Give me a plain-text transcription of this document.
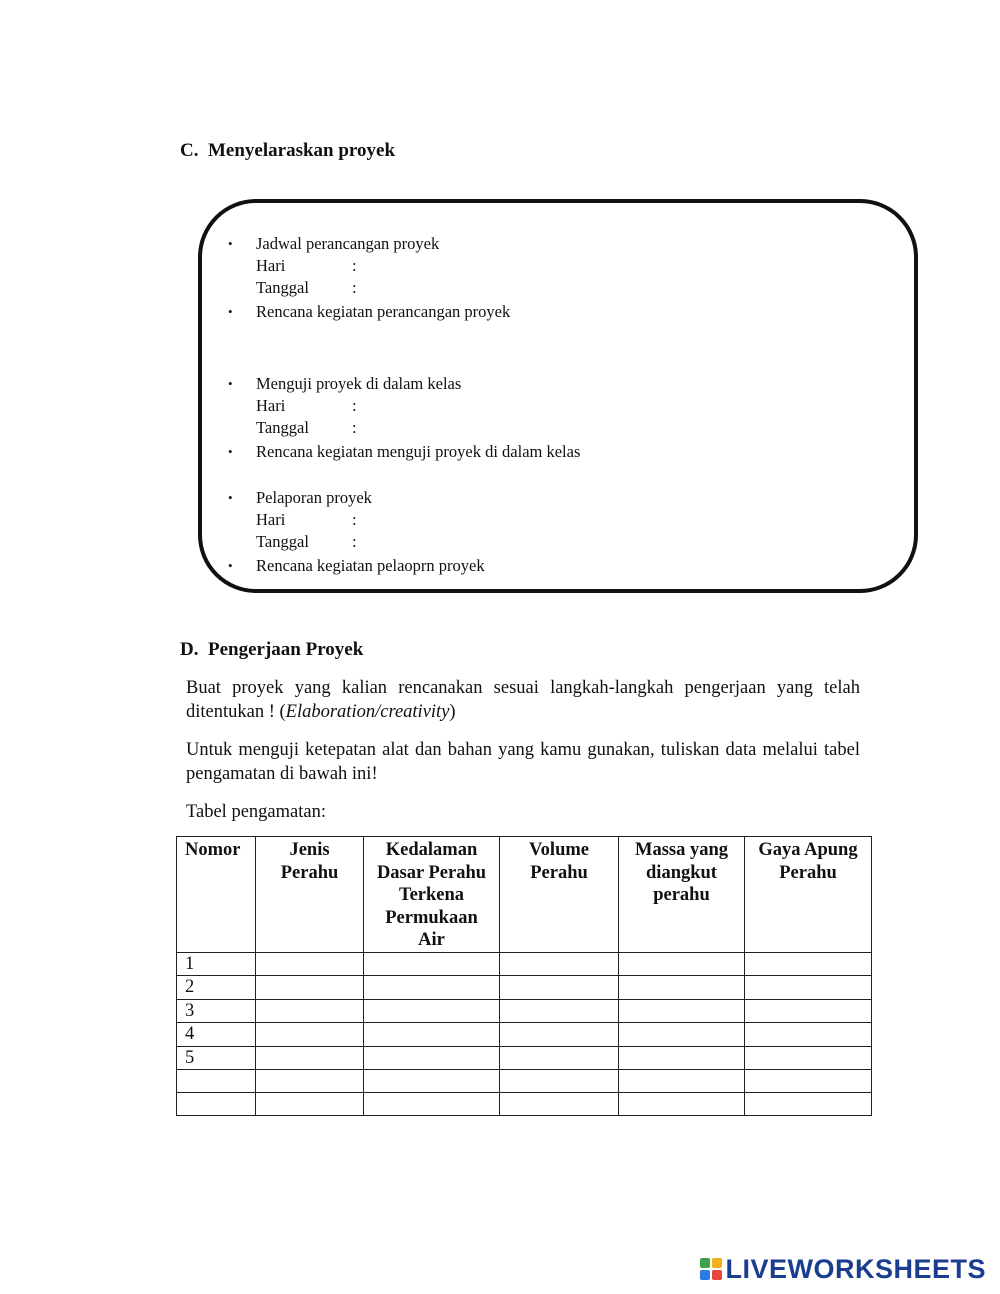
C. Menyelaraskan proyek
• Jadwal perancangan proyek
Hari	:
Tanggal	:
• Rencana kegiatan perancangan proyek
• Menguji proyek di dalam kelas
Hari	:
Tanggal	:
• Rencana kegiatan menguji proyek di dalam kelas
• Pelaporan proyek
Hari	:
Tanggal	:
• Rencana kegiatan pelaoprn proyek
D. Pengerjaan Proyek
Buat proyek yang kalian rencanakan sesuai langkah-langkah pengerjaan yang telah ditentukan ! (Elaboration/creativity)
Untuk menguji ketepatan alat dan bahan yang kamu gunakan, tuliskan data melalui tabel pengamatan di bawah ini!
Tabel pengamatan:
Nomor	Jenis Perahu	Kedalaman Dasar Perahu Terkena Permukaan Air	Volume Perahu	Massa yang diangkut perahu	Gaya Apung Perahu
1					
2					
3					
4					
5					

LIVEWORKSHEETS
